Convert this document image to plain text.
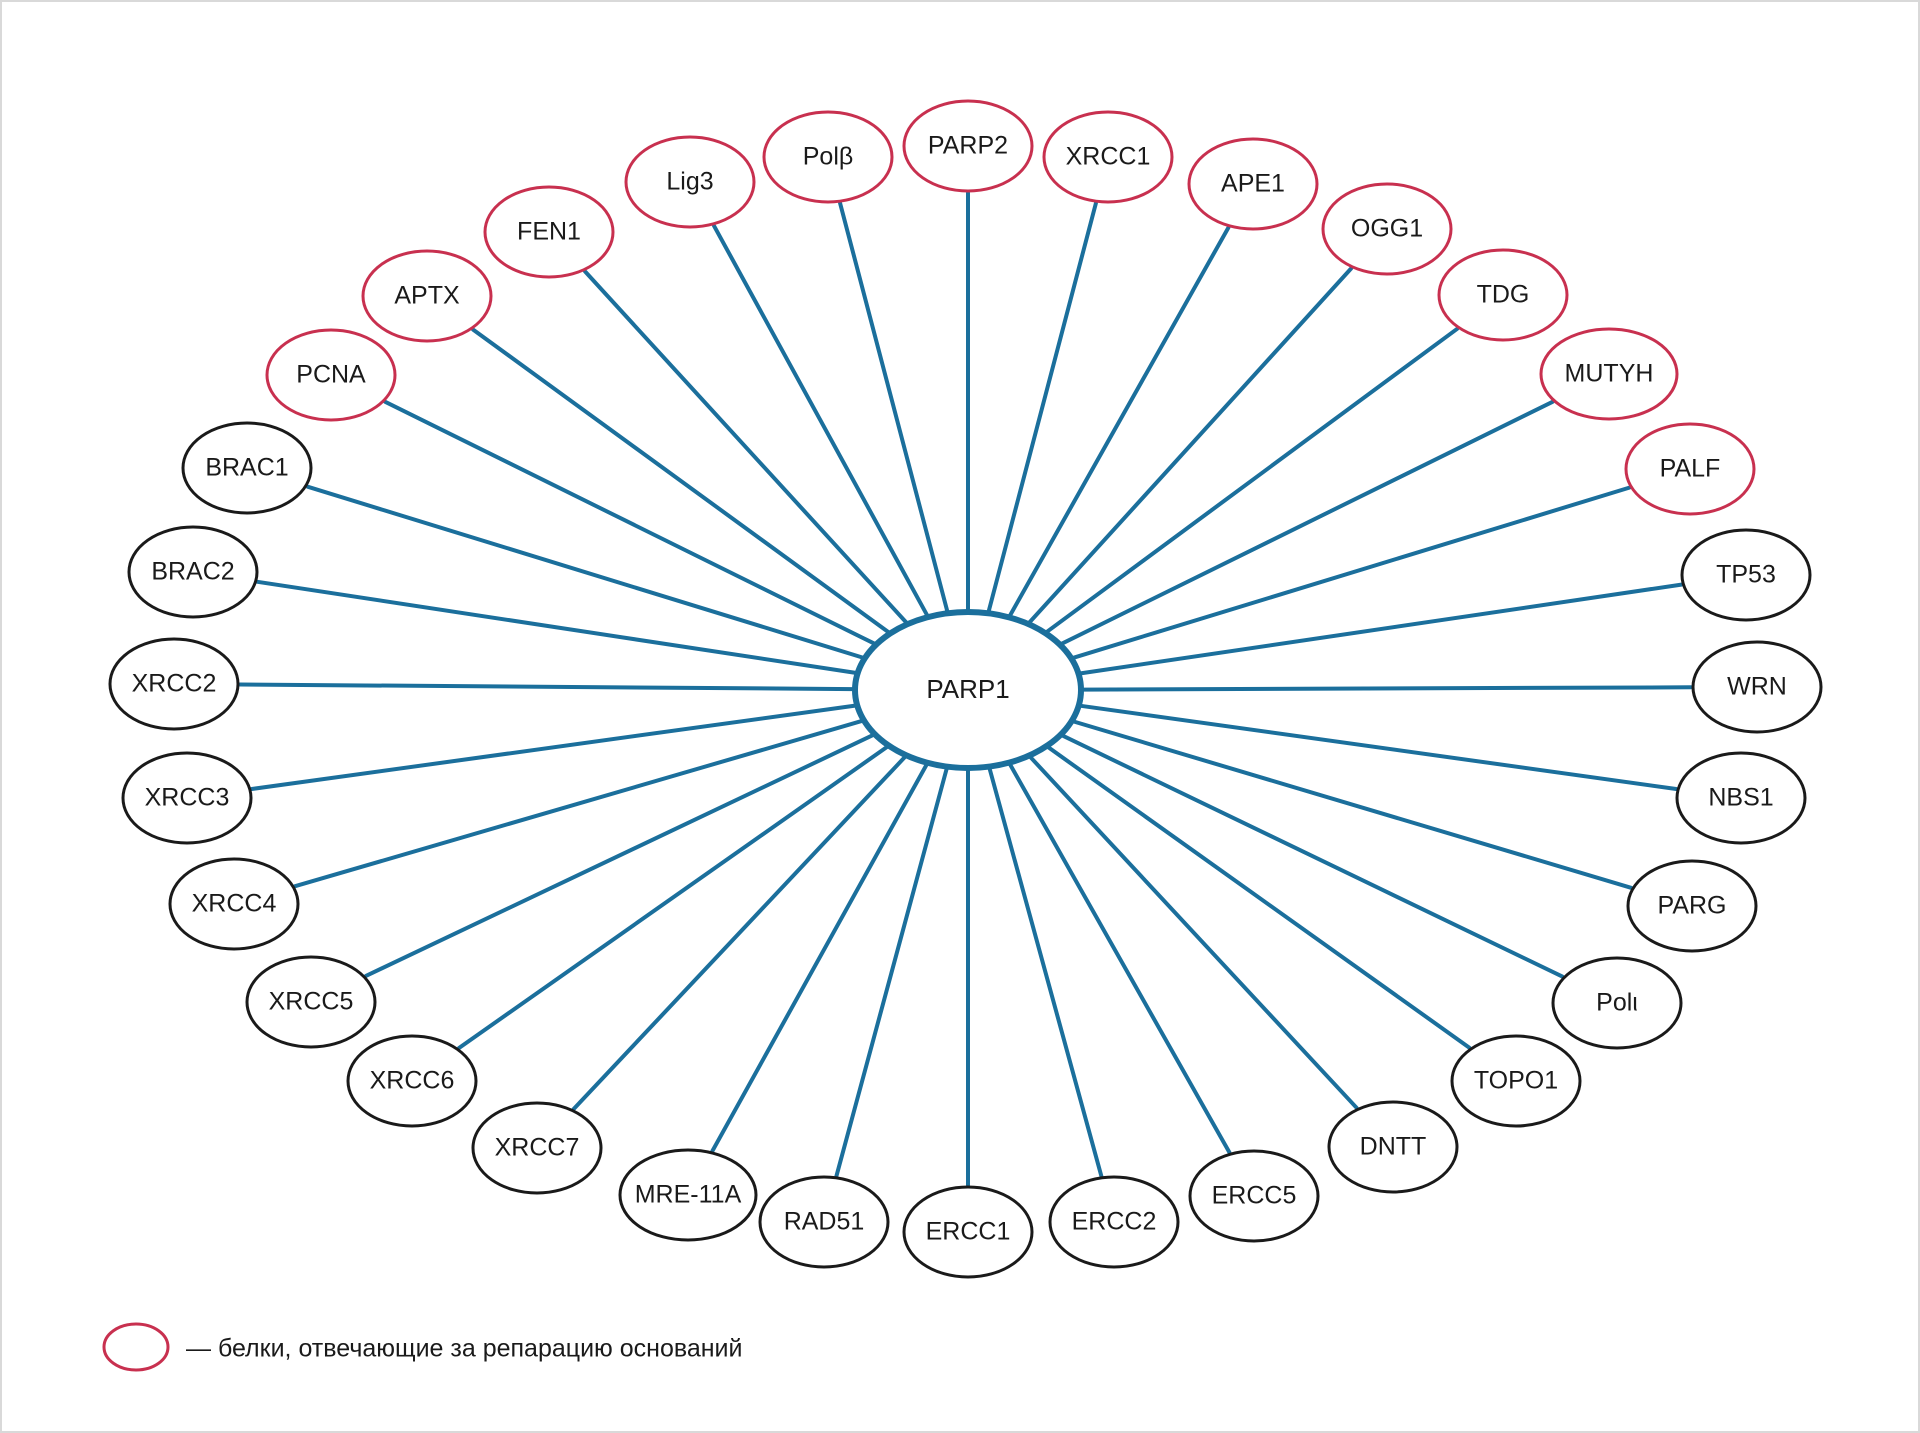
Polβ	PARP2 XRCC1
Lig3	APE1
FEN1	OGG1
APTX	TDG
PCNA	MUTYH
BRAC1	PALF
BRAC2	TP53
XRCC2	WRN
XRCC3	NBS1
XRCC4	PARG
XRCC5	Polι
XRCC6	TOPO1
XRCC7	DNTT
MRE-11A	ERCC5
RAD51	ERCC2
ERCC1
PARP1
— белки, отвечающие за репарацию оснований
